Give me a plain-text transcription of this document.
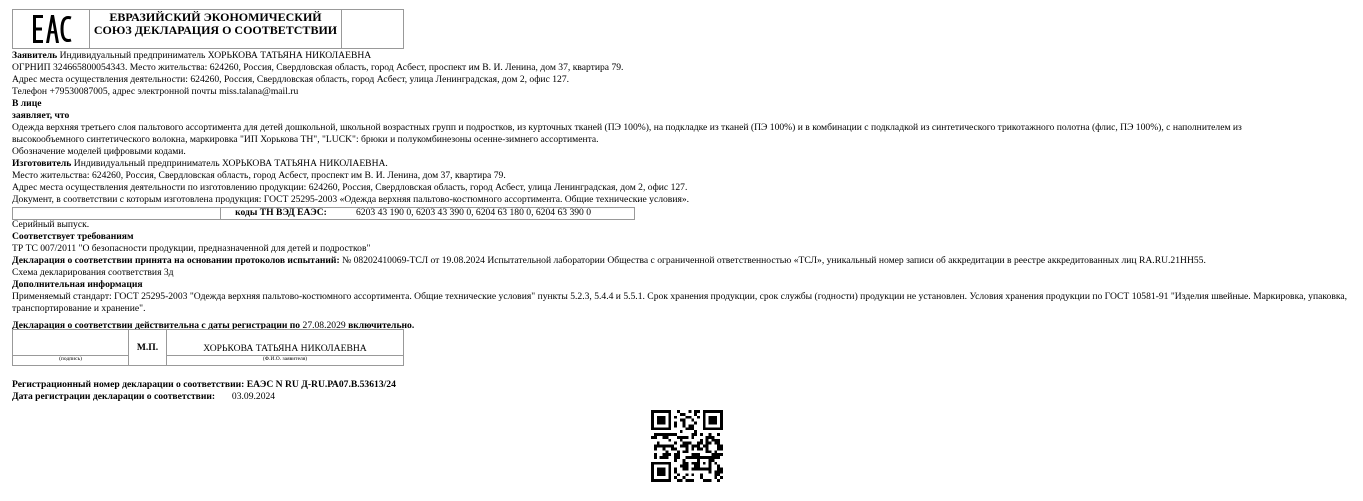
ЕВРАЗИЙСКИЙ ЭКОНОМИЧЕСКИЙ
СОЮЗ ДЕКЛАРАЦИЯ О СООТВЕТСТВИИ
Заявитель Индивидуальный предприниматель ХОРЬКОВА ТАТЬЯНА НИКОЛАЕВНА
ОГРНИП 324665800054343. Место жительства: 624260, Россия, Свердловская область, город Асбест, проспект им В. И. Ленина, дом 37, квартира 79.
Адрес места осуществления деятельности: 624260, Россия, Свердловская область, город Асбест, улица Ленинградская, дом 2, офис 127.
Телефон +79530087005, адрес электронной почты miss.talana@mail.ru
В лице
заявляет, что
Одежда верхняя третьего слоя пальтового ассортимента для детей дошкольной, школьной возрастных групп и подростков, из курточных тканей (ПЭ 100%), на подкладке из тканей (ПЭ 100%) и в комбинации с подкладкой из синтетического трикотажного полотна (флис, ПЭ 100%), с наполнителем из высокообъемного синтетического волокна, маркировка "ИП Хорькова ТН", "LUCK": брюки и полукомбинезоны осенне-зимнего ассортимента.
Обозначение моделей цифровыми кодами.
Изготовитель Индивидуальный предприниматель ХОРЬКОВА ТАТЬЯНА НИКОЛАЕВНА.
Место жительства: 624260, Россия, Свердловская область, город Асбест, проспект им В. И. Ленина, дом 37, квартира 79.
Адрес места осуществления деятельности по изготовлению продукции: 624260, Россия, Свердловская область, город Асбест, улица Ленинградская, дом 2, офис 127.
Документ, в соответствии с которым изготовлена продукция: ГОСТ 25295-2003 «Одежда верхняя пальтово-костюмного ассортимента. Общие технические условия».
Серийный выпуск.
Соответствует требованиям
ТР ТС 007/2011 "О безопасности продукции, предназначенной для детей и подростков"
Декларация о соответствии принята на основании протоколов испытаний: № 08202410069-ТСЛ от 19.08.2024 Испытательной лаборатории Общества с ограниченной ответственностью «ТСЛ», уникальный номер записи об аккредитации в реестре аккредитованных лиц RA.RU.21НН55.
Схема декларирования соответствия 3д
Дополнительная информация
Применяемый стандарт: ГОСТ 25295-2003 "Одежда верхняя пальтово-костюмного ассортимента. Общие технические условия" пункты 5.2.3, 5.4.4 и 5.5.1. Срок хранения продукции, срок службы (годности) продукции не установлен. Условия хранения продукции по ГОСТ 10581-91 "Изделия швейные. Маркировка, упаковка, транспортирование и хранение".
Декларация о соответствии действительна с даты регистрации по 27.08.2029 включительно.
Регистрационный номер декларации о соответствии: ЕАЭС N RU Д-RU.РА07.В.53613/24
Дата регистрации декларации о соответствии: 03.09.2024
коды ТН ВЭД ЕАЭС:	6203 43 190 0, 6203 43 390 0, 6204 63 180 0, 6204 63 390 0
(подпись)
М.П.	ХОРЬКОВА ТАТЬЯНА НИКОЛАЕВНА
(Ф.И.О. заявителя)
